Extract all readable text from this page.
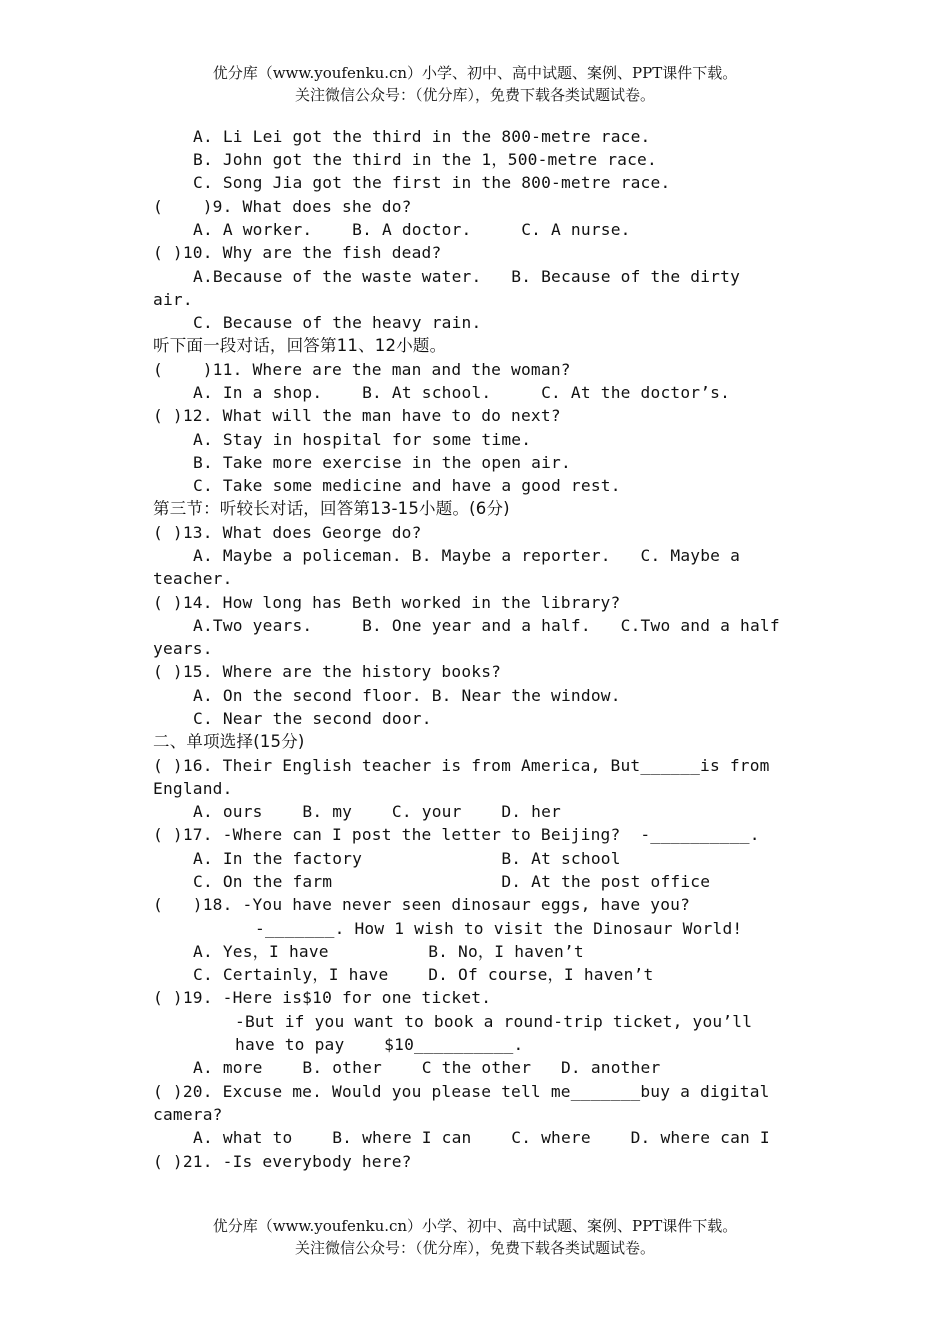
优分库（www.youfenku.cn）小学、初中、高中试题、案例、PPT课件下载。
关注微信公众号：（优分库），免费下载各类试题试卷。
A. Li Lei got the third in the 800-metre race.
B. John got the third in the 1，500-metre race.
C. Song Jia got the first in the 800-metre race.
(    )9. What does she do?
A. A worker.    B. A doctor.     C. A nurse.
( )10. Why are the fish dead?
A.Because of the waste water.   B. Because of the dirty
air.
C. Because of the heavy rain.
听下面一段对话，回答第11、12小题。
(    )11. Where are the man and the woman?
A. In a shop.    B. At school.     C. At the doctor’s.
( )12. What will the man have to do next?
A. Stay in hospital for some time.
B. Take more exercise in the open air.
C. Take some medicine and have a good rest.
第三节：听较长对话，回答第13-15小题。(6分)
( )13. What does George do?
A. Maybe a policeman. B. Maybe a reporter.   C. Maybe a
teacher.
( )14. How long has Beth worked in the library?
A.Two years.     B. One year and a half.   C.Two and a half
years.
( )15. Where are the history books?
A. On the second floor. B. Near the window.
C. Near the second door.
二、单项选择(15分)
( )16. Their English teacher is from America, But______is from
England.
A. ours    B. my    C. your    D. her
( )17. -Where can I post the letter to Beijing?  -__________.
A. In the factory              B. At school
C. On the farm                 D. At the post office
(   )18. -You have never seen dinosaur eggs, have you?
-_______. How 1 wish to visit the Dinosaur World!
A. Yes，I have          B. No，I haven’t
C. Certainly，I have    D. Of course，I haven’t
( )19. -Here is$10 for one ticket.
-But if you want to book a round-trip ticket, you’ll
have to pay    $10__________.
A. more    B. other    C the other   D. another
( )20. Excuse me. Would you please tell me_______buy a digital
camera?
A. what to    B. where I can    C. where    D. where can I
( )21. -Is everybody here?
优分库（www.youfenku.cn）小学、初中、高中试题、案例、PPT课件下载。
关注微信公众号：（优分库），免费下载各类试题试卷。
